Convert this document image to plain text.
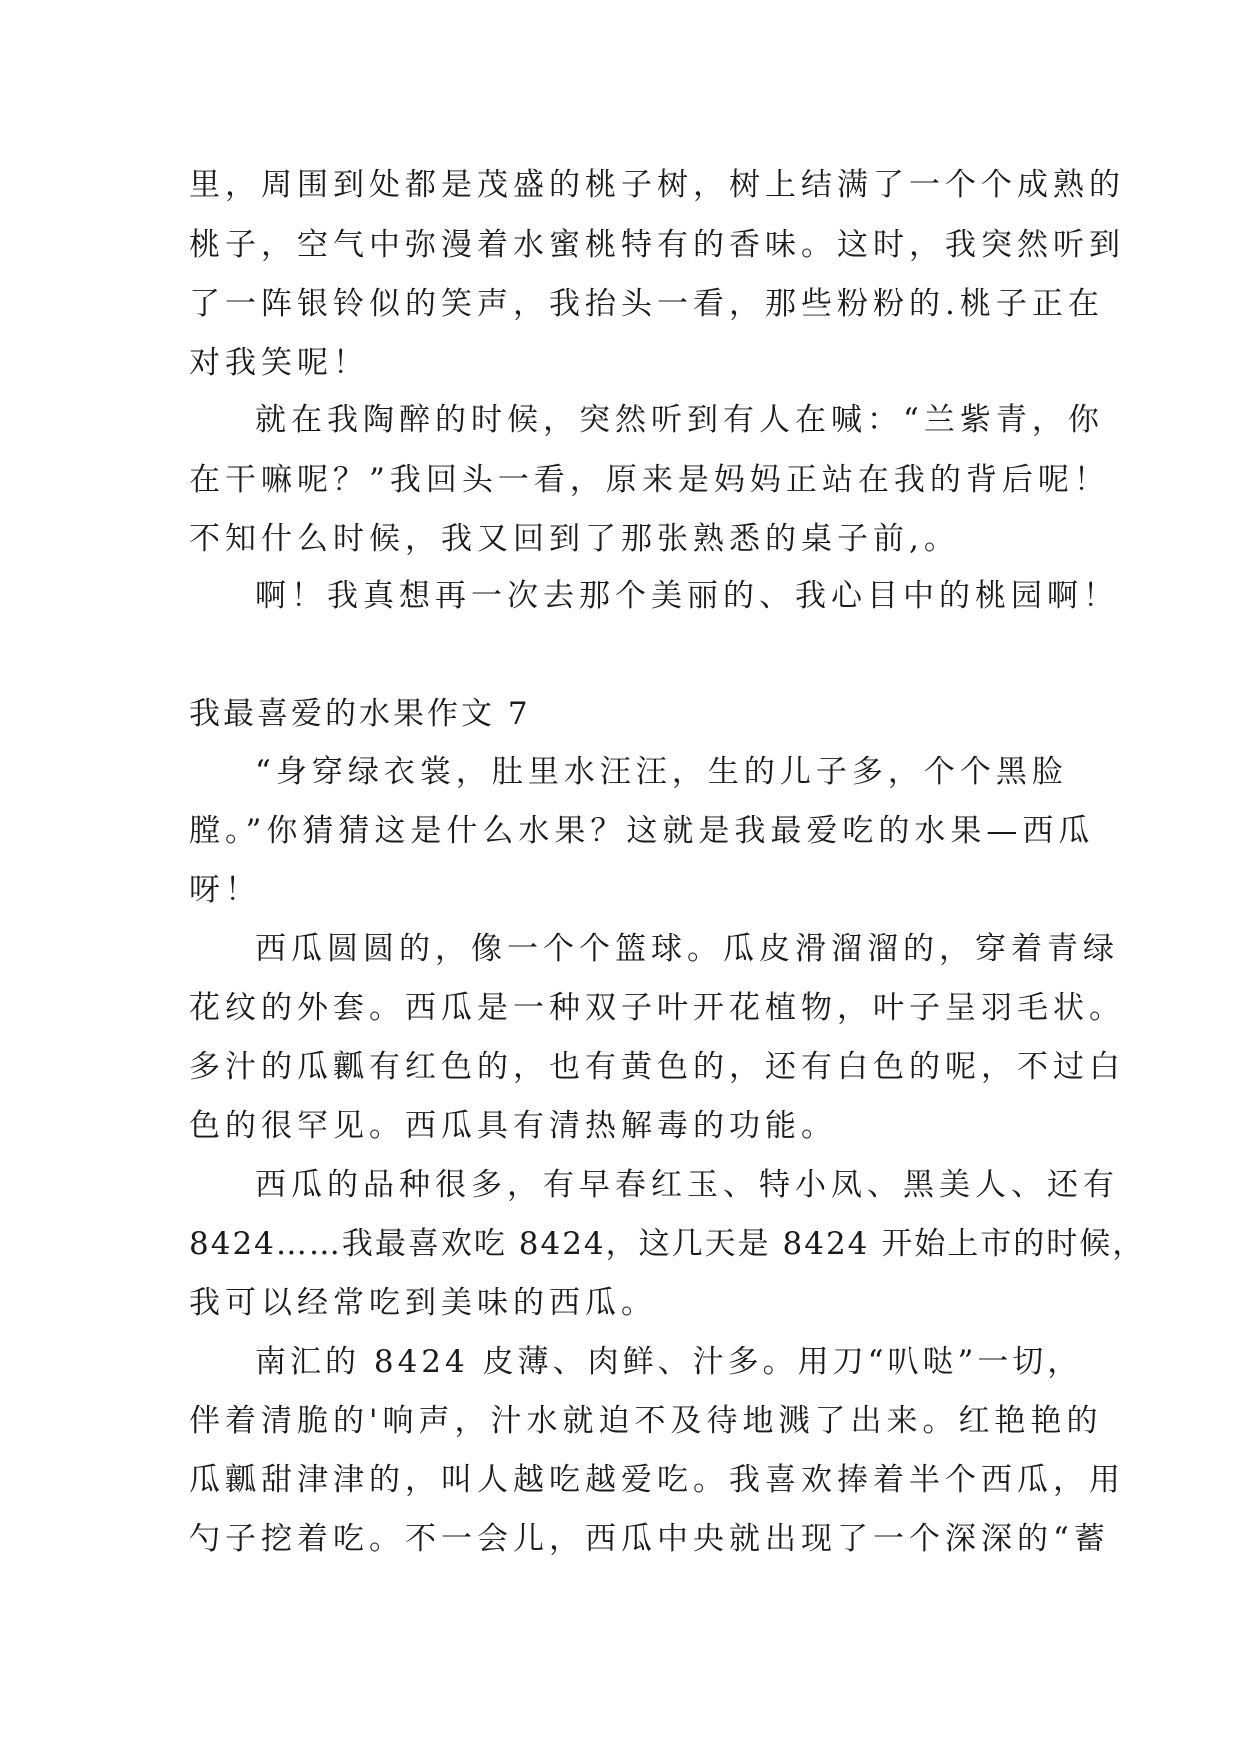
里，周围到处都是茂盛的桃子树，树上结满了一个个成熟的
桃子，空气中弥漫着水蜜桃特有的香味。这时，我突然听到
了一阵银铃似的笑声，我抬头一看，那些粉粉的.桃子正在
对我笑呢！
就在我陶醉的时候，突然听到有人在喊：“兰紫青，你
在干嘛呢？”我回头一看，原来是妈妈正站在我的背后呢！
不知什么时候，我又回到了那张熟悉的桌子前,。
啊！我真想再一次去那个美丽的、我心目中的桃园啊！
我最喜爱的水果作文 7
“身穿绿衣裳，肚里水汪汪，生的儿子多，个个黑脸
膛。”你猜猜这是什么水果？这就是我最爱吃的水果—西瓜
呀！
西瓜圆圆的，像一个个篮球。瓜皮滑溜溜的，穿着青绿
花纹的外套。西瓜是一种双子叶开花植物，叶子呈羽毛状。
多汁的瓜瓤有红色的，也有黄色的，还有白色的呢，不过白
色的很罕见。西瓜具有清热解毒的功能。
西瓜的品种很多，有早春红玉、特小凤、黑美人、还有
8424……我最喜欢吃 8424，这几天是 8424 开始上市的时候，
我可以经常吃到美味的西瓜。
南汇的 8424 皮薄、肉鲜、汁多。用刀“叭哒”一切，
伴着清脆的'响声，汁水就迫不及待地溅了出来。红艳艳的
瓜瓤甜津津的，叫人越吃越爱吃。我喜欢捧着半个西瓜，用
勺子挖着吃。不一会儿，西瓜中央就出现了一个深深的“蓄
